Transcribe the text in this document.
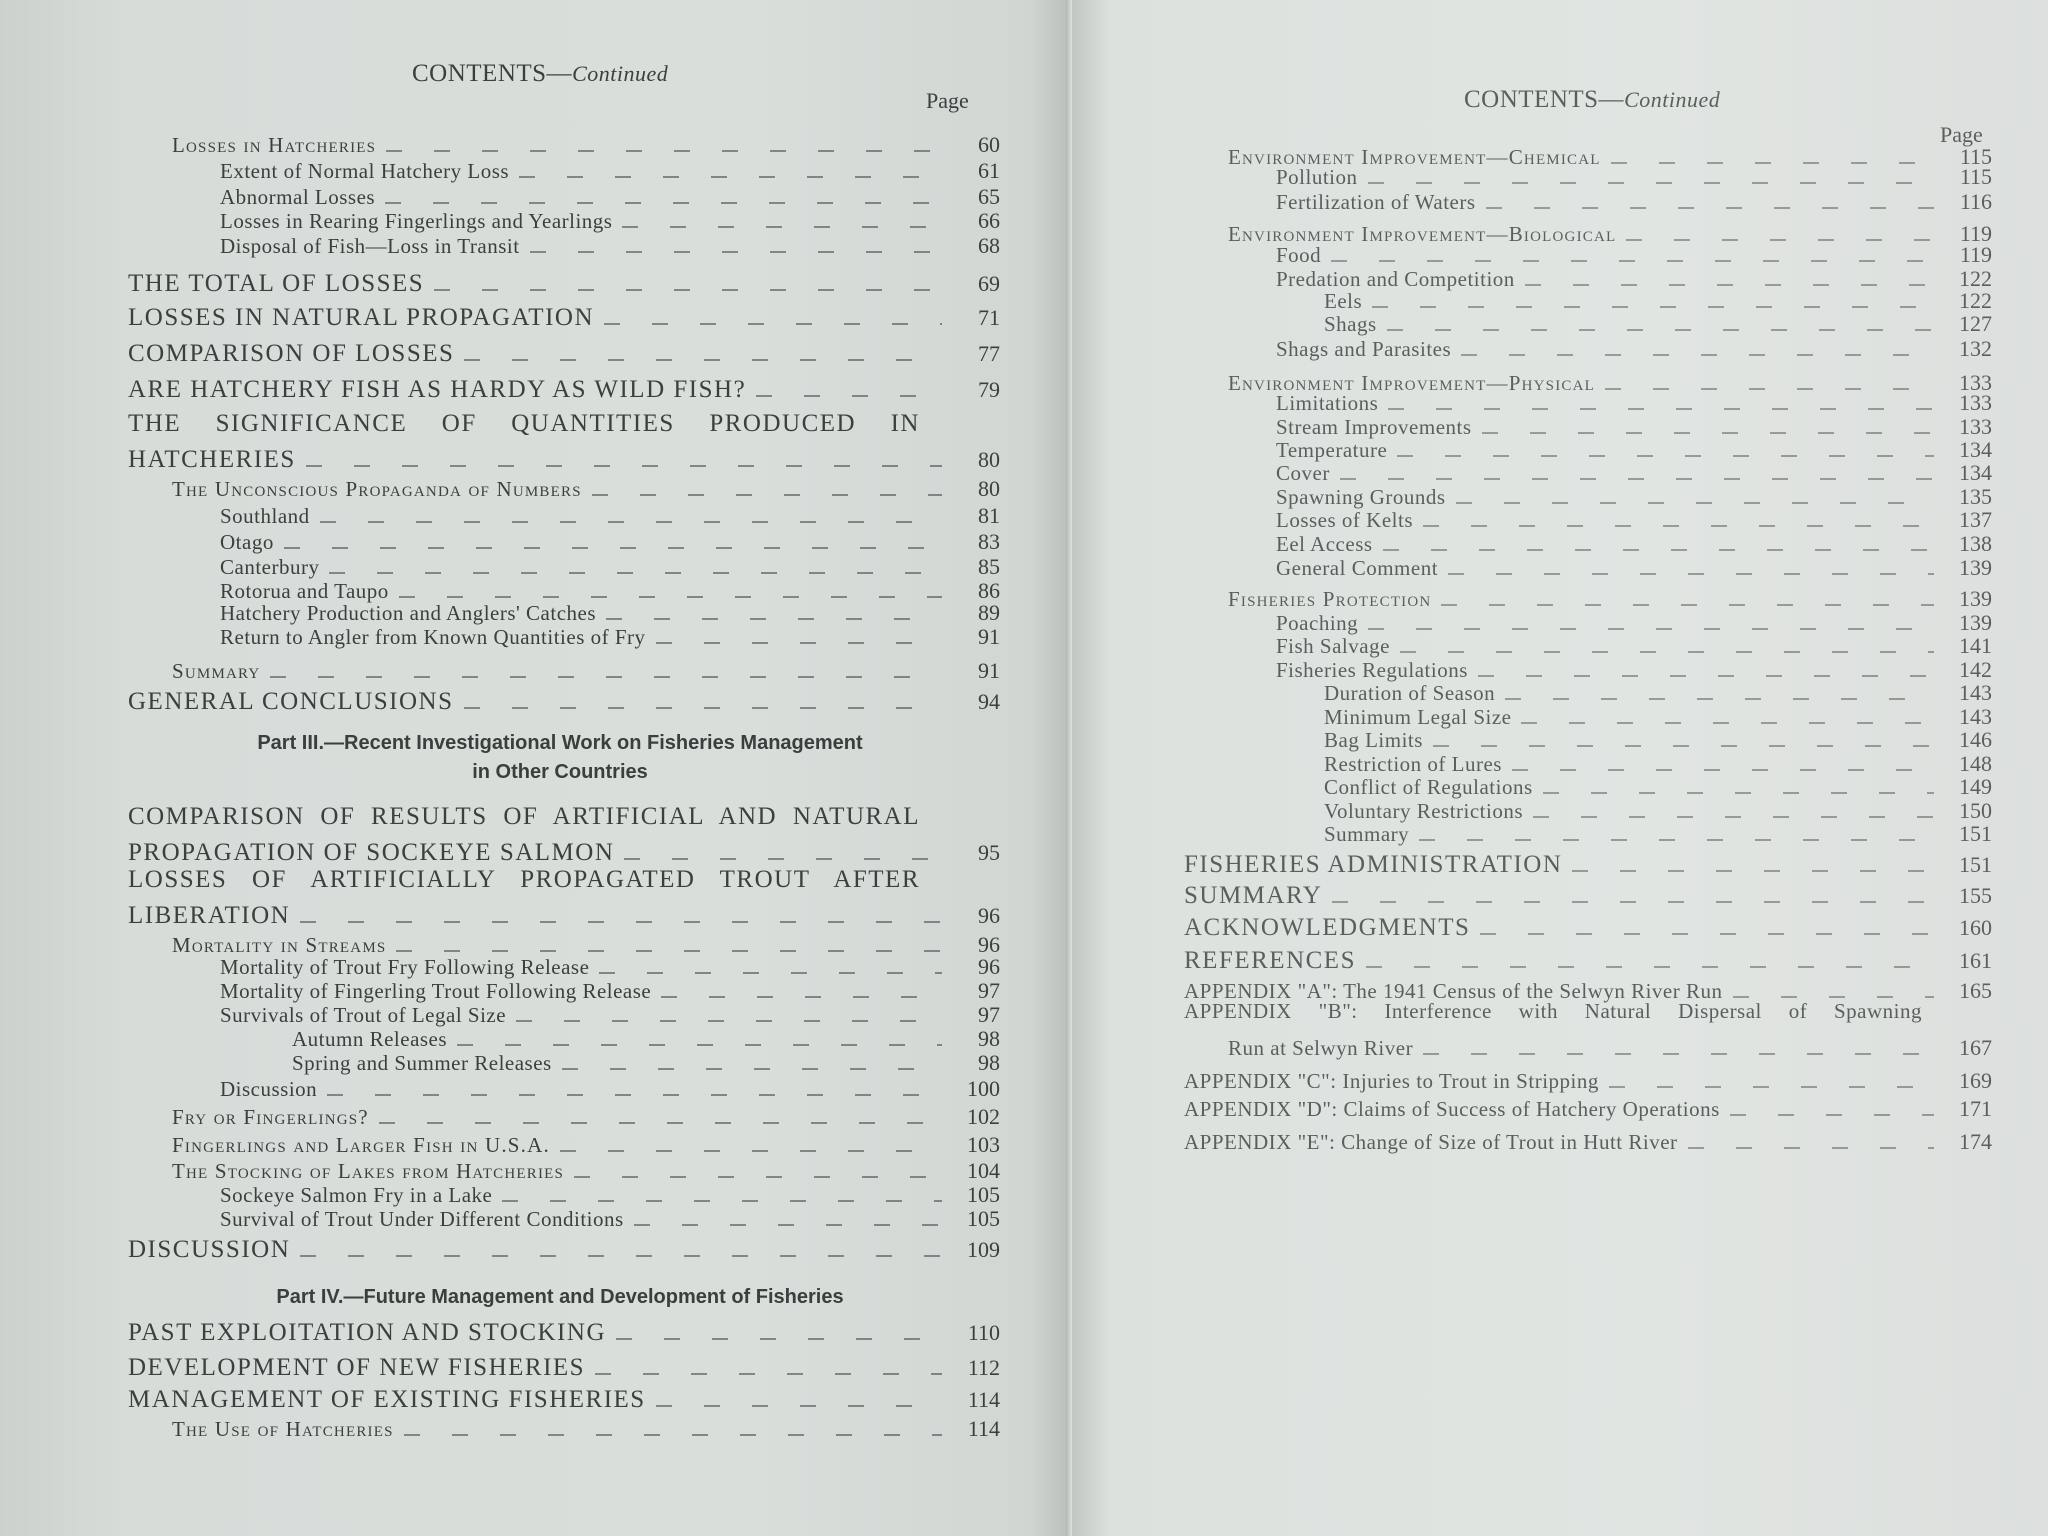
CONTENTS—Continued
Page
Part III.—Recent Investigational Work on Fisheries Management
in Other Countries
Part IV.—Future Management and Development of Fisheries
Losses in Hatcheries	60
Extent of Normal Hatchery Loss	61
Abnormal Losses	65
Losses in Rearing Fingerlings and Yearlings	66
Disposal of Fish—Loss in Transit	68
THE TOTAL OF LOSSES	69
LOSSES IN NATURAL PROPAGATION	71
COMPARISON OF LOSSES	77
ARE HATCHERY FISH AS HARDY AS WILD FISH?	79
THE SIGNIFICANCE OF QUANTITIES PRODUCED IN
HATCHERIES	80
The Unconscious Propaganda of Numbers	80
Southland	81
Otago	83
Canterbury	85
Rotorua and Taupo	86
Hatchery Production and Anglers' Catches	89
Return to Angler from Known Quantities of Fry	91
Summary	91
GENERAL CONCLUSIONS	94
COMPARISON OF RESULTS OF ARTIFICIAL AND NATURAL
PROPAGATION OF SOCKEYE SALMON	95
LOSSES OF ARTIFICIALLY PROPAGATED TROUT AFTER
LIBERATION	96
Mortality in Streams	96
Mortality of Trout Fry Following Release	96
Mortality of Fingerling Trout Following Release	97
Survivals of Trout of Legal Size	97
Autumn Releases	98
Spring and Summer Releases	98
Discussion	100
Fry or Fingerlings?	102
Fingerlings and Larger Fish in U.S.A.	103
The Stocking of Lakes from Hatcheries	104
Sockeye Salmon Fry in a Lake	105
Survival of Trout Under Different Conditions	105
DISCUSSION	109
PAST EXPLOITATION AND STOCKING	110
DEVELOPMENT OF NEW FISHERIES	112
MANAGEMENT OF EXISTING FISHERIES	114
The Use of Hatcheries	114
CONTENTS—Continued
Page
Environment Improvement—Chemical	115
Pollution	115
Fertilization of Waters	116
Environment Improvement—Biological	119
Food	119
Predation and Competition	122
Eels	122
Shags	127
Shags and Parasites	132
Environment Improvement—Physical	133
Limitations	133
Stream Improvements	133
Temperature	134
Cover	134
Spawning Grounds	135
Losses of Kelts	137
Eel Access	138
General Comment	139
Fisheries Protection	139
Poaching	139
Fish Salvage	141
Fisheries Regulations	142
Duration of Season	143
Minimum Legal Size	143
Bag Limits	146
Restriction of Lures	148
Conflict of Regulations	149
Voluntary Restrictions	150
Summary	151
FISHERIES ADMINISTRATION	151
SUMMARY	155
ACKNOWLEDGMENTS	160
REFERENCES	161
APPENDIX "A": The 1941 Census of the Selwyn River Run	165
APPENDIX "B": Interference with Natural Dispersal of Spawning
Run at Selwyn River	167
APPENDIX "C": Injuries to Trout in Stripping	169
APPENDIX "D": Claims of Success of Hatchery Operations	171
APPENDIX "E": Change of Size of Trout in Hutt River	174
